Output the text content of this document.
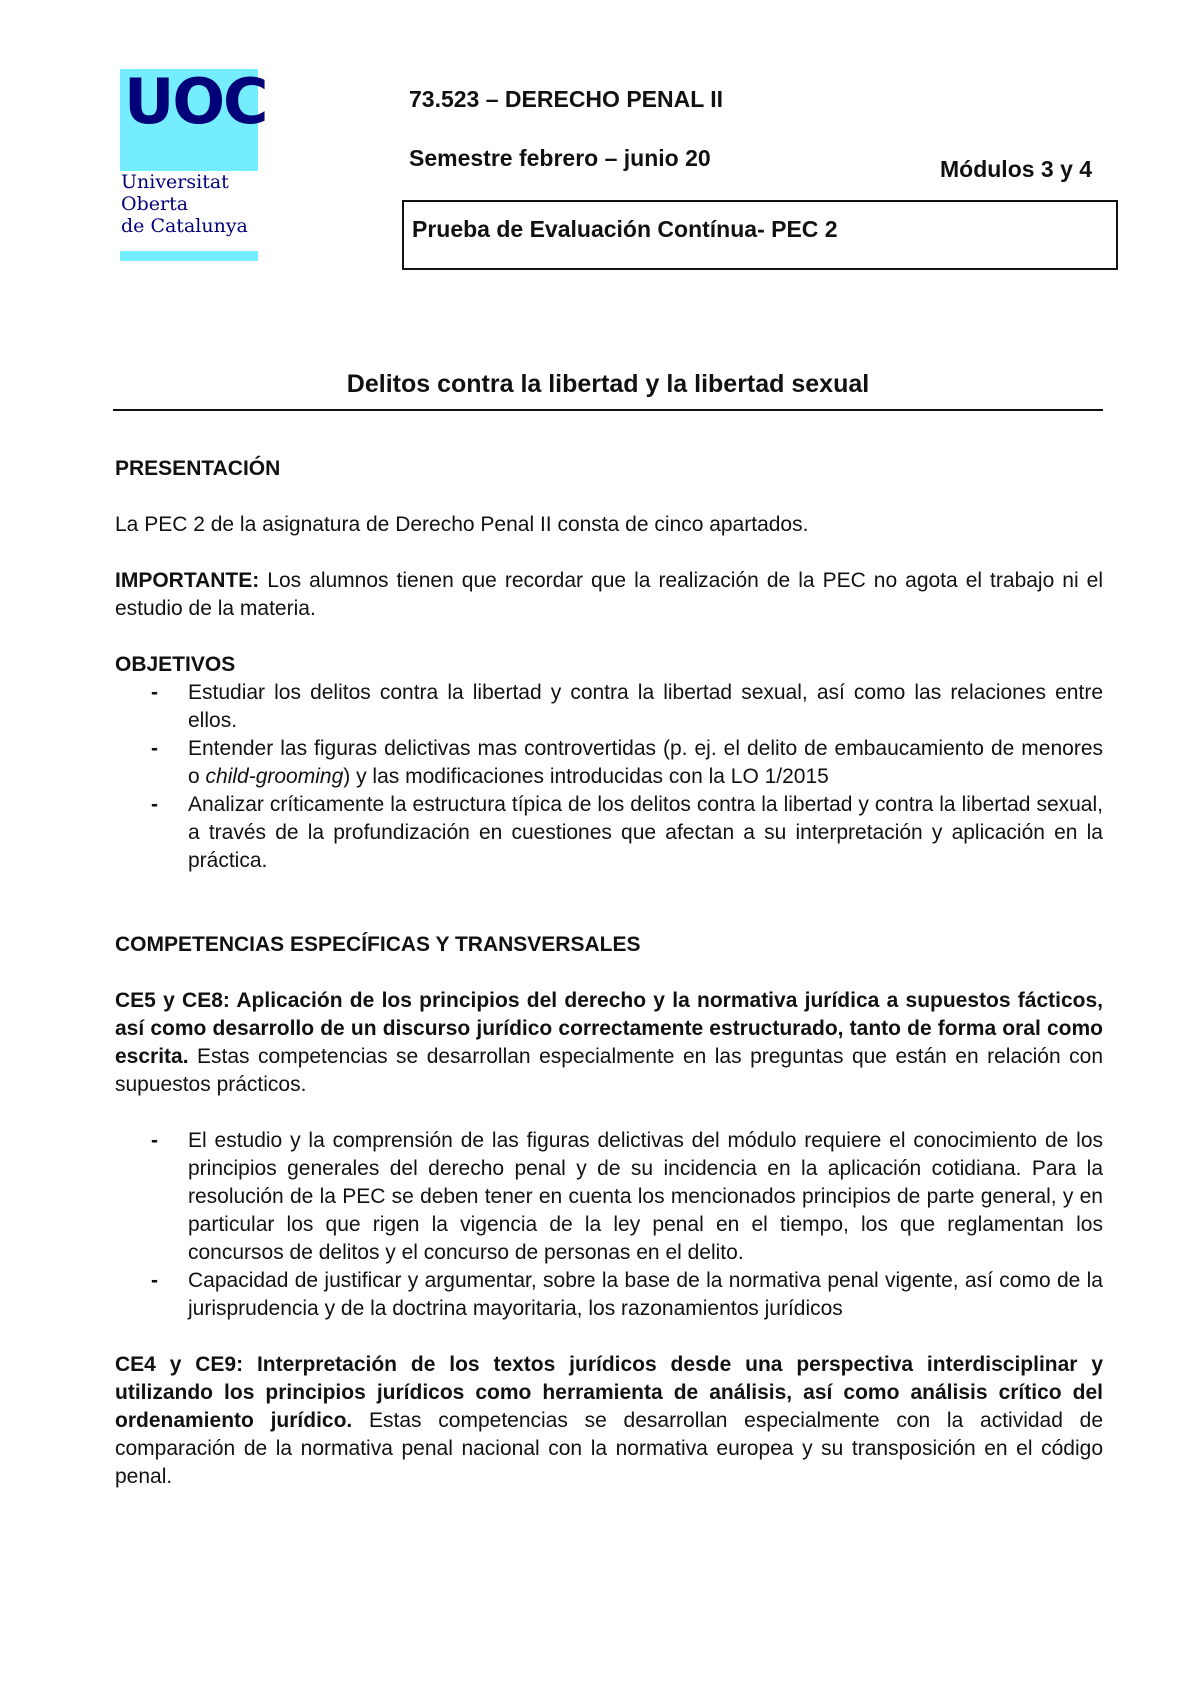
UOC
Universitat
Oberta
de Catalunya
73.523 – DERECHO PENAL II
Semestre febrero – junio 20	Módulos 3 y 4
Prueba de Evaluación Contínua- PEC 2
Delitos contra la libertad y la libertad sexual

PRESENTACIÓN

La PEC 2 de la asignatura de Derecho Penal II consta de cinco apartados.

IMPORTANTE: Los alumnos tienen que recordar que la realización de la PEC no agota el trabajo ni el estudio de la materia.

OBJETIVOS

- Estudiar los delitos contra la libertad y contra la libertad sexual, así como las relaciones entre ellos.
- Entender las figuras delictivas mas controvertidas (p. ej. el delito de embaucamiento de menores o child-grooming) y las modificaciones introducidas con la LO 1/2015
- Analizar críticamente la estructura típica de los delitos contra la libertad y contra la libertad sexual, a través de la profundización en cuestiones que afectan a su interpretación y aplicación en la práctica.

COMPETENCIAS ESPECÍFICAS Y TRANSVERSALES

CE5 y CE8: Aplicación de los principios del derecho y la normativa jurídica a supuestos fácticos, así como desarrollo de un discurso jurídico correctamente estructurado, tanto de forma oral como escrita. Estas competencias se desarrollan especialmente en las preguntas que están en relación con supuestos prácticos.

- El estudio y la comprensión de las figuras delictivas del módulo requiere el conocimiento de los principios generales del derecho penal y de su incidencia en la aplicación cotidiana. Para la resolución de la PEC se deben tener en cuenta los mencionados principios de parte general, y en particular los que rigen la vigencia de la ley penal en el tiempo, los que reglamentan los concursos de delitos y el concurso de personas en el delito.
- Capacidad de justificar y argumentar, sobre la base de la normativa penal vigente, así como de la jurisprudencia y de la doctrina mayoritaria, los razonamientos jurídicos

CE4 y CE9: Interpretación de los textos jurídicos desde una perspectiva interdisciplinar y utilizando los principios jurídicos como herramienta de análisis, así como análisis crítico del ordenamiento jurídico. Estas competencias se desarrollan especialmente con la actividad de comparación de la normativa penal nacional con la normativa europea y su transposición en el código penal.
